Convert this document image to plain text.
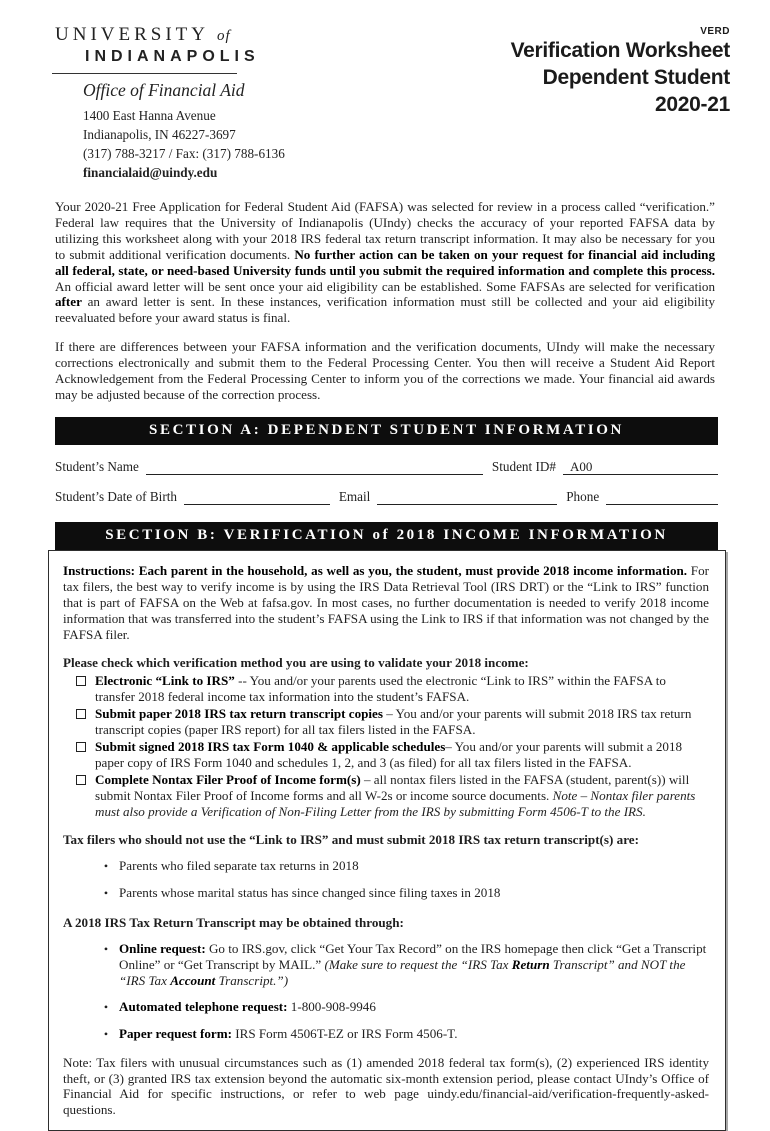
UNIVERSITY of
INDIANAPOLIS
Office of Financial Aid
1400 East Hanna Avenue
Indianapolis, IN 46227-3697
(317) 788-3217 / Fax: (317) 788-6136
financialaid@uindy.edu
VERD
Verification Worksheet
Dependent Student
2020-21

Your 2020-21 Free Application for Federal Student Aid (FAFSA) was selected for review in a process called “verification.” Federal law requires that the University of Indianapolis (UIndy) checks the accuracy of your reported FAFSA data by utilizing this worksheet along with your 2018 IRS federal tax return transcript information. It may also be necessary for you to submit additional verification documents. No further action can be taken on your request for financial aid including all federal, state, or need-based University funds until you submit the required information and complete this process. An official award letter will be sent once your aid eligibility can be established. Some FAFSAs are selected for verification after an award letter is sent. In these instances, verification information must still be collected and your aid eligibility reevaluated before your award status is final.

If there are differences between your FAFSA information and the verification documents, UIndy will make the necessary corrections electronically and submit them to the Federal Processing Center. You then will receive a Student Aid Report Acknowledgement from the Federal Processing Center to inform you of the corrections we made. Your financial aid awards may be adjusted because of the correction process.

SECTION A: DEPENDENT STUDENT INFORMATION
Student’s Name	Student ID#	A00
Student’s Date of Birth	Email	Phone
SECTION B: VERIFICATION of 2018 INCOME INFORMATION

Instructions: Each parent in the household, as well as you, the student, must provide 2018 income information. For tax filers, the best way to verify income is by using the IRS Data Retrieval Tool (IRS DRT) or the “Link to IRS” function that is part of FAFSA on the Web at fafsa.gov. In most cases, no further documentation is needed to verify 2018 income information that was transferred into the student’s FAFSA using the Link to IRS if that information was not changed by the FAFSA filer.

Please check which verification method you are using to validate your 2018 income:

Electronic “Link to IRS” -- You and/or your parents used the electronic “Link to IRS” within the FAFSA to transfer 2018 federal income tax information into the student’s FAFSA.
Submit paper 2018 IRS tax return transcript copies – You and/or your parents will submit 2018 IRS tax return transcript copies (paper IRS report) for all tax filers listed in the FAFSA.
Submit signed 2018 IRS tax Form 1040 & applicable schedules– You and/or your parents will submit a 2018 paper copy of IRS Form 1040 and schedules 1, 2, and 3 (as filed) for all tax filers listed in the FAFSA.
Complete Nontax Filer Proof of Income form(s) – all nontax filers listed in the FAFSA (student, parent(s)) will submit Nontax Filer Proof of Income forms and all W-2s or income source documents. Note – Nontax filer parents must also provide a Verification of Non-Filing Letter from the IRS by submitting Form 4506-T to the IRS.

Tax filers who should not use the “Link to IRS” and must submit 2018 IRS tax return transcript(s) are:

• Parents who filed separate tax returns in 2018
• Parents whose marital status has since changed since filing taxes in 2018

A 2018 IRS Tax Return Transcript may be obtained through:

• Online request: Go to IRS.gov, click “Get Your Tax Record” on the IRS homepage then click “Get a Transcript Online” or “Get Transcript by MAIL.” (Make sure to request the “IRS Tax Return Transcript” and NOT the “IRS Tax Account Transcript.”)
• Automated telephone request: 1-800-908-9946
• Paper request form: IRS Form 4506T-EZ or IRS Form 4506-T.

Note: Tax filers with unusual circumstances such as (1) amended 2018 federal tax form(s), (2) experienced IRS identity theft, or (3) granted IRS tax extension beyond the automatic six-month extension period, please contact UIndy’s Office of Financial Aid for specific instructions, or refer to web page uindy.edu/financial-aid/verification-frequently-asked-questions.
